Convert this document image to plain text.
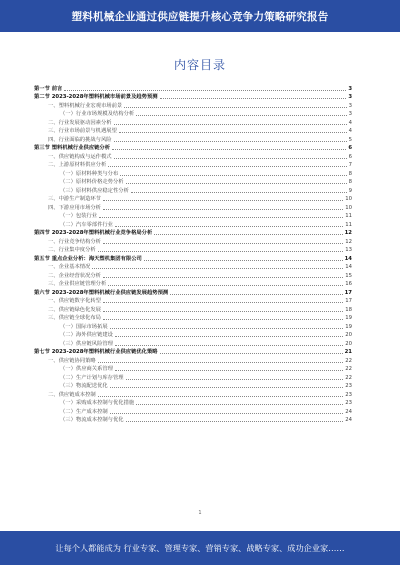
塑料机械企业通过供应链提升核心竞争力策略研究报告
内容目录
第一节 前言	3
第二节 2023-2028年塑料机械市场前景及趋势预测	3
一、塑料机械行业宏观市场前景	3
（一）行业市场规模及结构分析	3
二、行业发展驱动因素分析	4
三、行业市场前景与机遇展望	4
四、行业面临的挑战与风险	5
第三节 塑料机械行业供应链分析	6
一、供应链构成与运作模式	6
二、上游原材料供应分析	7
（一）原材料种类与分布	8
（二）原材料价格走势分析	8
（三）原材料供应稳定性分析	9
三、中游生产制造环节	10
四、下游应用市场分析	10
（一）包装行业	11
（二）汽车零部件行业	11
第四节 2023-2028年塑料机械行业竞争格局分析	12
一、行业竞争结构分析	12
二、行业集中度分析	13
第五节 重点企业分析：海天塑机集团有限公司	14
一、企业基本情况	14
二、企业经营状况分析	15
三、企业供应链管理分析	16
第六节 2023-2028年塑料机械行业供应链发展趋势预测	17
一、供应链数字化转型	17
二、供应链绿色化发展	18
三、供应链全球化布局	19
（一）国际市场拓展	19
（二）海外供应链建设	20
（三）供应链风险管理	20
第七节 2023-2028年塑料机械行业供应链优化策略	21
一、供应链协同策略	22
（一）供应商关系管理	22
（二）生产计划与库存管理	22
（三）物流配送优化	23
二、供应链成本控制	23
（一）采购成本控制与优化措施	23
（二）生产成本控制	24
（三）物流成本控制与优化	24
1
让每个人都能成为 行业专家、管理专家、营销专家、战略专家、成功企业家……
